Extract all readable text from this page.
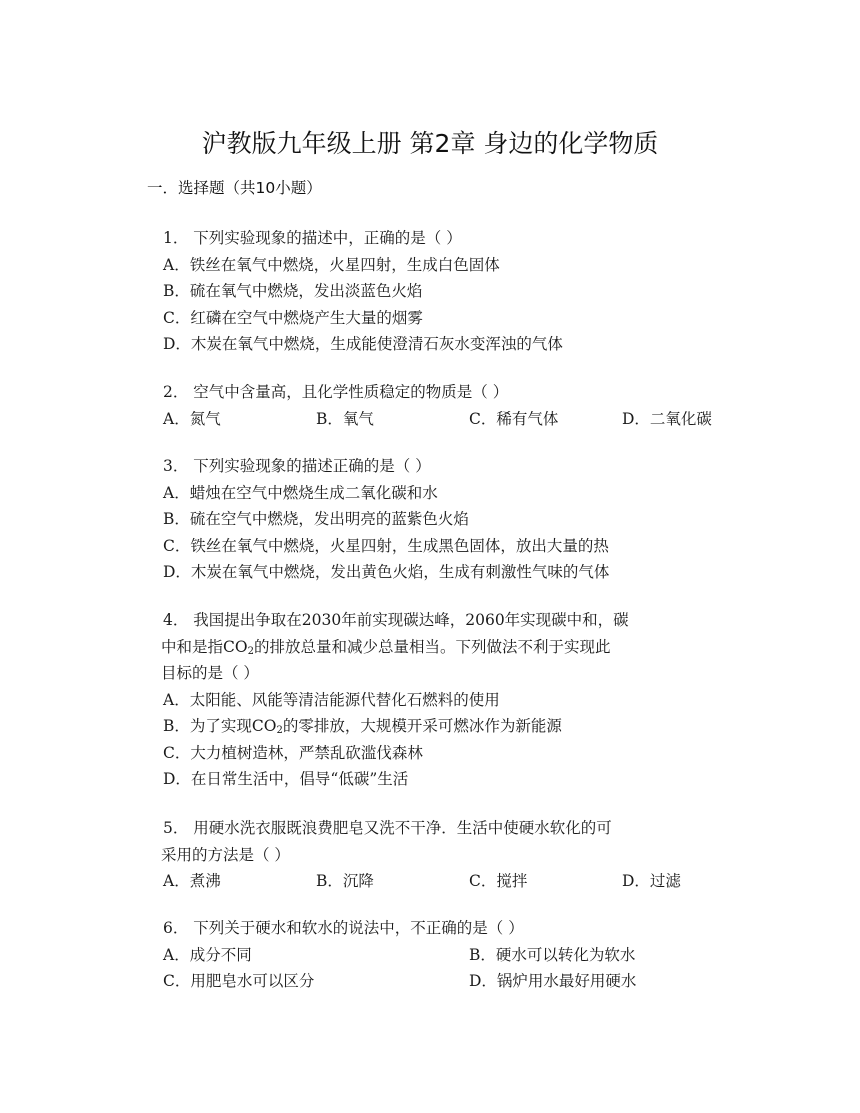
沪教版九年级上册 第2章 身边的化学物质
一．选择题（共10小题）
1． 下列实验现象的描述中，正确的是（ ）
A．铁丝在氧气中燃烧，火星四射，生成白色固体
B．硫在氧气中燃烧，发出淡蓝色火焰
C．红磷在空气中燃烧产生大量的烟雾
D．木炭在氧气中燃烧，生成能使澄清石灰水变浑浊的气体
2． 空气中含量高，且化学性质稳定的物质是（ ）
A．氮气	B．氧气	C．稀有气体	D．二氧化碳
3． 下列实验现象的描述正确的是（ ）
A．蜡烛在空气中燃烧生成二氧化碳和水
B．硫在空气中燃烧，发出明亮的蓝紫色火焰
C．铁丝在氧气中燃烧，火星四射，生成黑色固体，放出大量的热
D．木炭在氧气中燃烧，发出黄色火焰，生成有刺激性气味的气体
4． 我国提出争取在2030年前实现碳达峰，2060年实现碳中和，碳
中和是指$CO_2$的排放总量和减少总量相当。下列做法不利于实现此
目标的是（ ）
A．太阳能、风能等清洁能源代替化石燃料的使用
B．为了实现$CO_2$的零排放，大规模开采可燃冰作为新能源
C．大力植树造林，严禁乱砍滥伐森林
D．在日常生活中，倡导“低碳”生活
5． 用硬水洗衣服既浪费肥皂又洗不干净．生活中使硬水软化的可
采用的方法是（ ）
A．煮沸	B．沉降	C．搅拌	D．过滤
6． 下列关于硬水和软水的说法中，不正确的是（ ）
A．成分不同	B．硬水可以转化为软水
C．用肥皂水可以区分	D．锅炉用水最好用硬水
